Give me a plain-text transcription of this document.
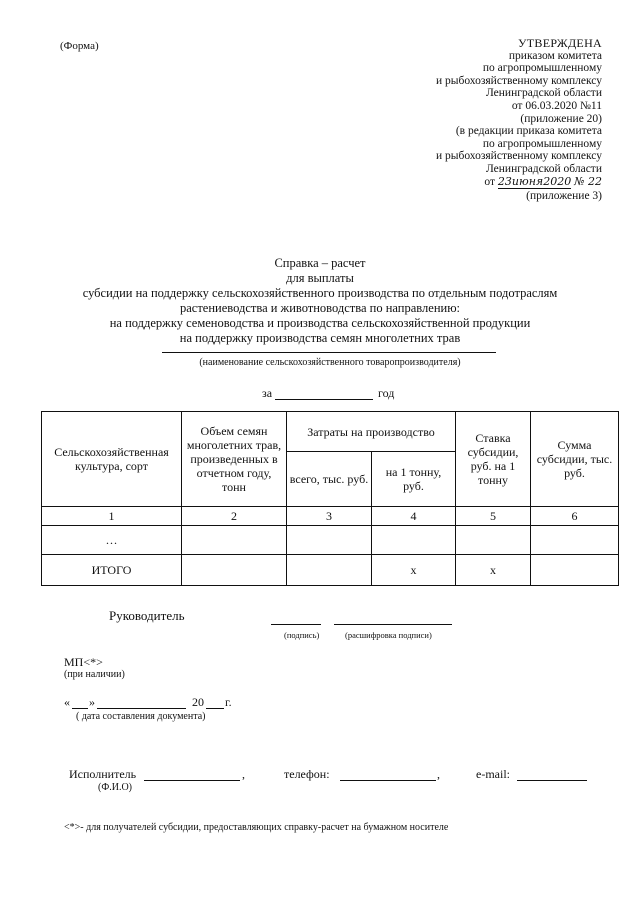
(Форма)	УТВЕРЖДЕНА
приказом комитета
по агропромышленному
и рыбохозяйственному комплексу
Ленинградской области
от 06.03.2020 №11
(приложение 20)
(в редакции приказа комитета
по агропромышленному
и рыбохозяйственному комплексу
Ленинградской области
от 23июня2020 № 22
(приложение 3)
Справка – расчет
для выплаты
субсидии на поддержку сельскохозяйственного производства по отдельным подотраслям
растениеводства и животноводства по направлению:
на поддержку семеноводства и производства сельскохозяйственной продукции
на поддержку производства семян многолетних трав
(наименование сельскохозяйственного товаропроизводителя)
за	год
Сельскохозяйственная культура, сорт	Объем семян многолетних трав, произведенных в отчетном году, тонн	Затраты на производство		Ставка субсидии, руб. на 1 тонну	Сумма субсидии, тыс. руб.
		всего, тыс. руб.	на 1 тонну, руб.		
1	2	3	4	5	6
…					
ИТОГО			х	х	
Руководитель
(подпись)	(расшифровка подписи)
МП<*>
(при наличии)
« »	20 г.
( дата составления документа)
Исполнитель	,
(Ф.И.О)
телефон:	,	e-mail:
<*>- для получателей субсидии, предоставляющих справку-расчет на бумажном носителе
